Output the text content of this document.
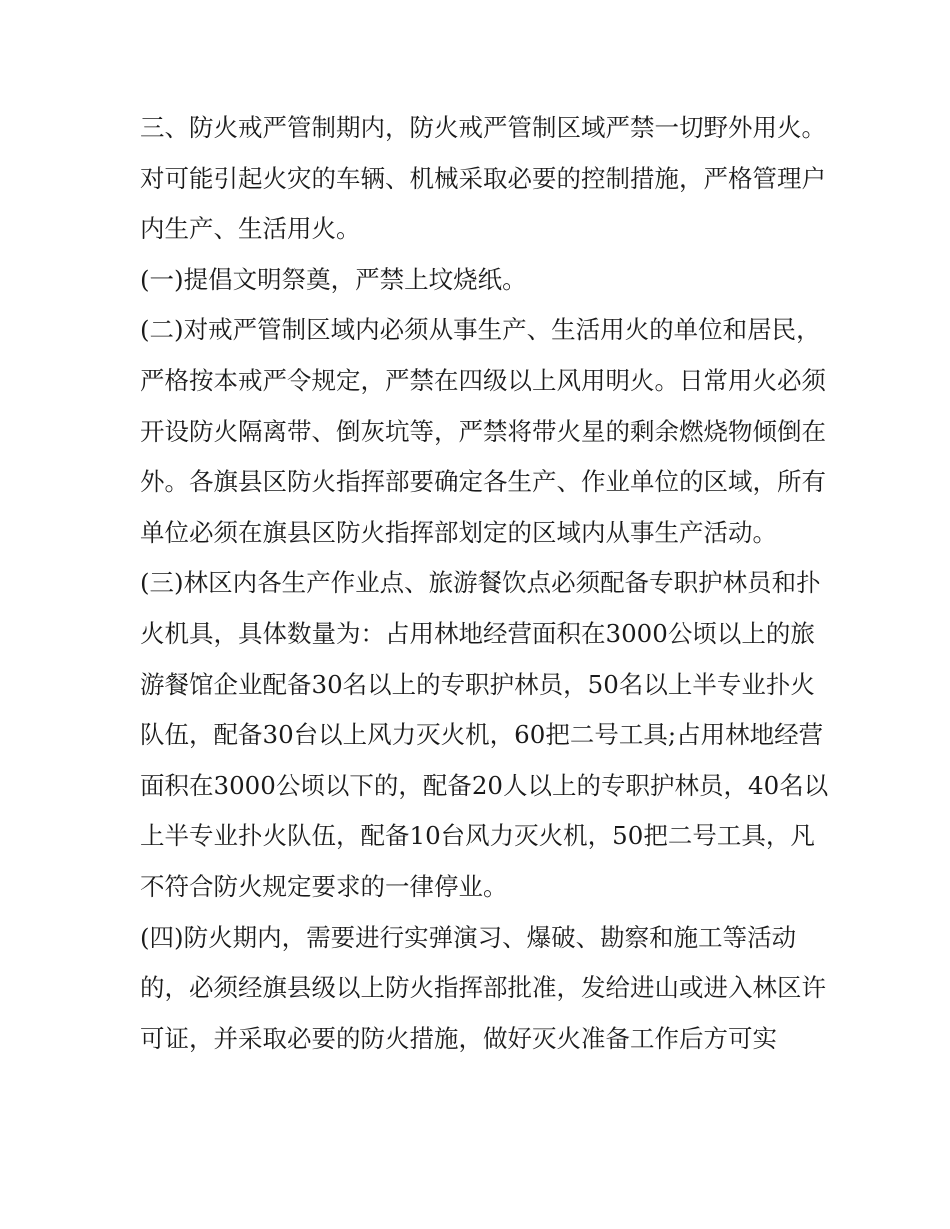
三、防火戒严管制期内，防火戒严管制区域严禁一切野外用火。对可能引起火灾的车辆、机械采取必要的控制措施，严格管理户内生产、生活用火。

(一)提倡文明祭奠，严禁上坟烧纸。

(二)对戒严管制区域内必须从事生产、生活用火的单位和居民，严格按本戒严令规定，严禁在四级以上风用明火。日常用火必须开设防火隔离带、倒灰坑等，严禁将带火星的剩余燃烧物倾倒在外。各旗县区防火指挥部要确定各生产、作业单位的区域，所有单位必须在旗县区防火指挥部划定的区域内从事生产活动。

(三)林区内各生产作业点、旅游餐饮点必须配备专职护林员和扑火机具，具体数量为：占用林地经营面积在3000公顷以上的旅游餐馆企业配备30名以上的专职护林员，50名以上半专业扑火队伍，配备30台以上风力灭火机，60把二号工具;占用林地经营面积在3000公顷以下的，配备20人以上的专职护林员，40名以上半专业扑火队伍，配备10台风力灭火机，50把二号工具，凡不符合防火规定要求的一律停业。

(四)防火期内，需要进行实弹演习、爆破、勘察和施工等活动的，必须经旗县级以上防火指挥部批准，发给进山或进入林区许可证，并采取必要的防火措施，做好灭火准备工作后方可实
